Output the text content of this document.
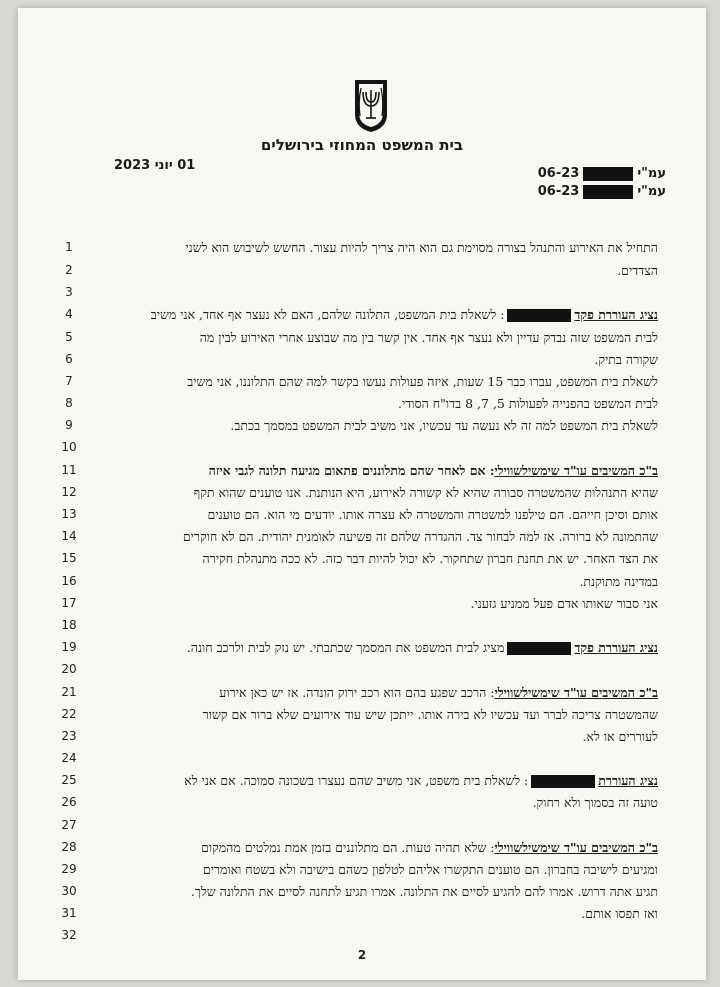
בית המשפט המחוזי בירושלים
01 יוני 2023
עמ"י
06-23
עמ"י
06-23
1
2
3
4
5
6
7
8
9
10
11
12
13
14
15
16
17
18
19
20
21
22
23
24
25
26
27
28
29
30
31
32
התחיל את האירוע והתנהל בצורה מסוימת גם הוא היה צריך להיות עצור. החשש לשיבוש הוא לשני
הצדדים.
נציג העוררת פקד: לשאלת בית המשפט, התלונה שלהם, האם לא נעצר אף אחד, אני משיב
לבית המשפט שזה נבדק עדיין ולא נעצר אף אחד. אין קשר בין מה שבוצע אחרי האירוע לבין מה
שקורה בתיק.
לשאלת בית המשפט, עברו כבר 15 שעות, איזה פעולות נעשו בקשר למה שהם התלוננו, אני משיב
לבית המשפט בהפנייה לפעולות 5, 7, 8 בדו"ח הסודי.
לשאלת בית המשפט למה זה לא נעשה עד עכשיו, אני משיב לבית המשפט במסמך בכתב.
ב"כ המשיבים עו"ד שימשילשווילי: אם לאחר שהם מתלוננים פתאום מגיעה תלונה לגבי איזה
שהיא התנהלות שהמשטרה סבורה שהיא לא קשורה לאירוע, היא הנותנת. אנו טוענים שהוא תקף
אותם וסיכן חייהם. הם טילפנו למשטרה והמשטרה לא עצרה אותו. יודעים מי הוא. הם טוענים
שהתמונה לא ברורה. אז למה לבחור צד. ההגדרה שלהם זה פשיעה לאומנית יהודית. הם לא חוקרים
את הצד האחר. יש את תחנת חברון שתחקור. לא יכול להיות דבר כזה. לא ככה מתנהלת חקירה
במדינה מתוקנת.
אני סבור שאותו אדם פעל ממניע גזעני.
נציג העוררת פקדמציג לבית המשפט את המסמך שכתבתי. יש נזק לבית ולרכב חונה.
ב"כ המשיבים עו"ד שימשילשווילי: הרכב שפגע בהם הוא רכב ירוק הונדה. אז יש כאן אירוע
שהמשטרה צריכה לברר ועד עכשיו לא בירה אותו. ייתכן שיש עוד אירועים שלא ברור אם קשור
לעוררים או לא.
נציג העוררת: לשאלת בית משפט, אני משיב שהם נעצרו בשכונה סמוכה. אם אני לא
טועה זה בסמוך ולא רחוק.
ב"כ המשיבים עו"ד שימשילשווילי: שלא תהיה טעות. הם מתלוננים בזמן אמת נמלטים מהמקום
ומגיעים לישיבה בחברון. הם טוענים התקשרו אליהם לטלפון כשהם בישיבה ולא בשטח ואומרים
תגיע אתה דרוש. אמרו להם להגיע לסיים את התלונה. אמרו תגיע לתחנה לסיים את התלונה שלך.
ואז תפסו אותם.
2
